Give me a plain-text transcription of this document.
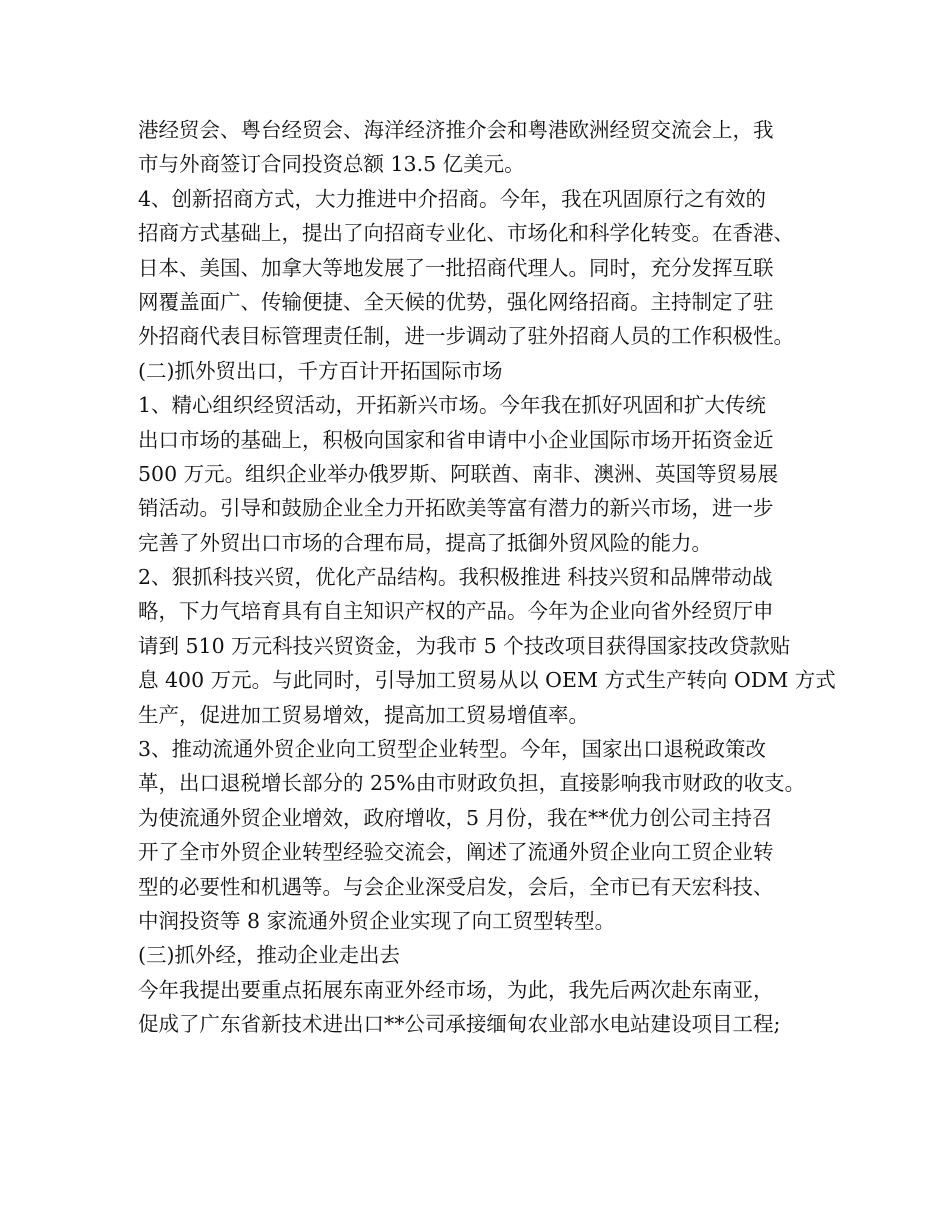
港经贸会、粤台经贸会、海洋经济推介会和粤港欧洲经贸交流会上，我
市与外商签订合同投资总额 13.5 亿美元。
4、创新招商方式，大力推进中介招商。今年，我在巩固原行之有效的
招商方式基础上，提出了向招商专业化、市场化和科学化转变。在香港、
日本、美国、加拿大等地发展了一批招商代理人。同时，充分发挥互联
网覆盖面广、传输便捷、全天候的优势，强化网络招商。主持制定了驻
外招商代表目标管理责任制，进一步调动了驻外招商人员的工作积极性。
(二)抓外贸出口，千方百计开拓国际市场
1、精心组织经贸活动，开拓新兴市场。今年我在抓好巩固和扩大传统
出口市场的基础上，积极向国家和省申请中小企业国际市场开拓资金近
500 万元。组织企业举办俄罗斯、阿联酋、南非、澳洲、英国等贸易展
销活动。引导和鼓励企业全力开拓欧美等富有潜力的新兴市场，进一步
完善了外贸出口市场的合理布局，提高了抵御外贸风险的能力。
2、狠抓科技兴贸，优化产品结构。我积极推进 科技兴贸和品牌带动战
略，下力气培育具有自主知识产权的产品。今年为企业向省外经贸厅申
请到 510 万元科技兴贸资金，为我市 5 个技改项目获得国家技改贷款贴
息 400 万元。与此同时，引导加工贸易从以 OEM 方式生产转向 ODM 方式
生产，促进加工贸易增效，提高加工贸易增值率。
3、推动流通外贸企业向工贸型企业转型。今年，国家出口退税政策改
革，出口退税增长部分的 25%由市财政负担，直接影响我市财政的收支。
为使流通外贸企业增效，政府增收，5 月份，我在**优力创公司主持召
开了全市外贸企业转型经验交流会，阐述了流通外贸企业向工贸企业转
型的必要性和机遇等。与会企业深受启发，会后，全市已有天宏科技、
中润投资等 8 家流通外贸企业实现了向工贸型转型。
(三)抓外经，推动企业走出去
今年我提出要重点拓展东南亚外经市场，为此，我先后两次赴东南亚，
促成了广东省新技术进出口**公司承接缅甸农业部水电站建设项目工程;
